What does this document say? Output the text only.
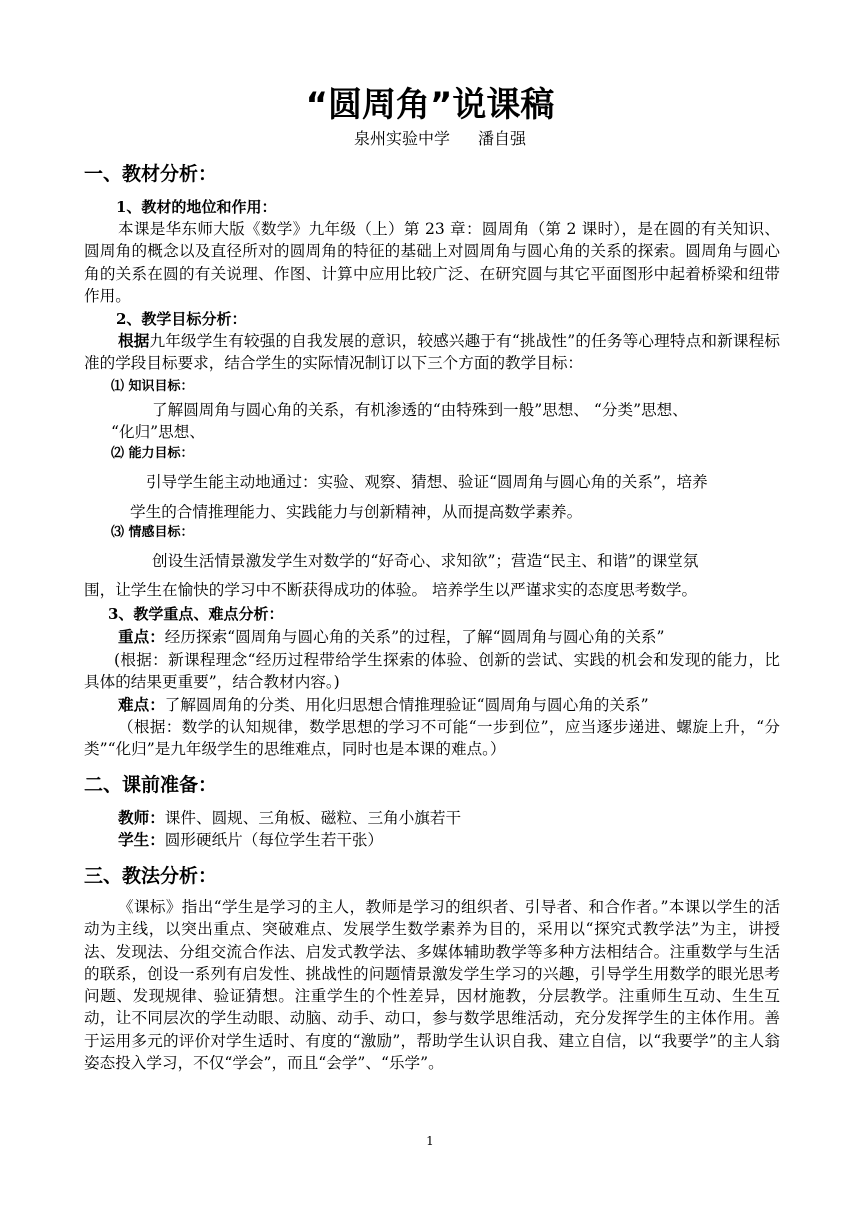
“圆周角”说课稿
泉州实验中学 潘自强
一、教材分析：
1、教材的地位和作用：
本课是华东师大版《数学》九年级（上）第 23 章：圆周角（第 2 课时），是在圆的有关知识、圆周角的概念以及直径所对的圆周角的特征的基础上对圆周角与圆心角的关系的探索。圆周角与圆心角的关系在圆的有关说理、作图、计算中应用比较广泛、在研究圆与其它平面图形中起着桥梁和纽带作用。
2、教学目标分析：
根据九年级学生有较强的自我发展的意识，较感兴趣于有“挑战性”的任务等心理特点和新课程标准的学段目标要求，结合学生的实际情况制订以下三个方面的教学目标：
⑴ 知识目标：
了解圆周角与圆心角的关系，有机渗透的“由特殊到一般”思想、 “分类”思想、
“化归”思想、
⑵ 能力目标：
引导学生能主动地通过：实验、观察、猜想、验证“圆周角与圆心角的关系”，培养
学生的合情推理能力、实践能力与创新精神，从而提高数学素养。
⑶ 情感目标：
创设生活情景激发学生对数学的“好奇心、求知欲”；营造“民主、和谐”的课堂氛
围，让学生在愉快的学习中不断获得成功的体验。 培养学生以严谨求实的态度思考数学。
3、教学重点、难点分析：
重点：经历探索“圆周角与圆心角的关系”的过程，了解“圆周角与圆心角的关系”
(根据：新课程理念“经历过程带给学生探索的体验、创新的尝试、实践的机会和发现的能力，比具体的结果更重要”，结合教材内容。)
难点：了解圆周角的分类、用化归思想合情推理验证“圆周角与圆心角的关系”
（根据：数学的认知规律，数学思想的学习不可能“一步到位”，应当逐步递进、螺旋上升，“分类”“化归”是九年级学生的思维难点，同时也是本课的难点。）
二、课前准备：
教师：课件、圆规、三角板、磁粒、三角小旗若干
学生：圆形硬纸片（每位学生若干张）
三、教法分析：
《课标》指出“学生是学习的主人，教师是学习的组织者、引导者、和合作者。”本课以学生的活动为主线，以突出重点、突破难点、发展学生数学素养为目的，采用以“探究式教学法”为主，讲授法、发现法、分组交流合作法、启发式教学法、多媒体辅助教学等多种方法相结合。注重数学与生活的联系，创设一系列有启发性、挑战性的问题情景激发学生学习的兴趣，引导学生用数学的眼光思考问题、发现规律、验证猜想。注重学生的个性差异，因材施教，分层教学。注重师生互动、生生互动，让不同层次的学生动眼、动脑、动手、动口，参与数学思维活动，充分发挥学生的主体作用。善于运用多元的评价对学生适时、有度的“激励”，帮助学生认识自我、建立自信，以“我要学”的主人翁姿态投入学习，不仅“学会”，而且“会学”、“乐学”。
1
